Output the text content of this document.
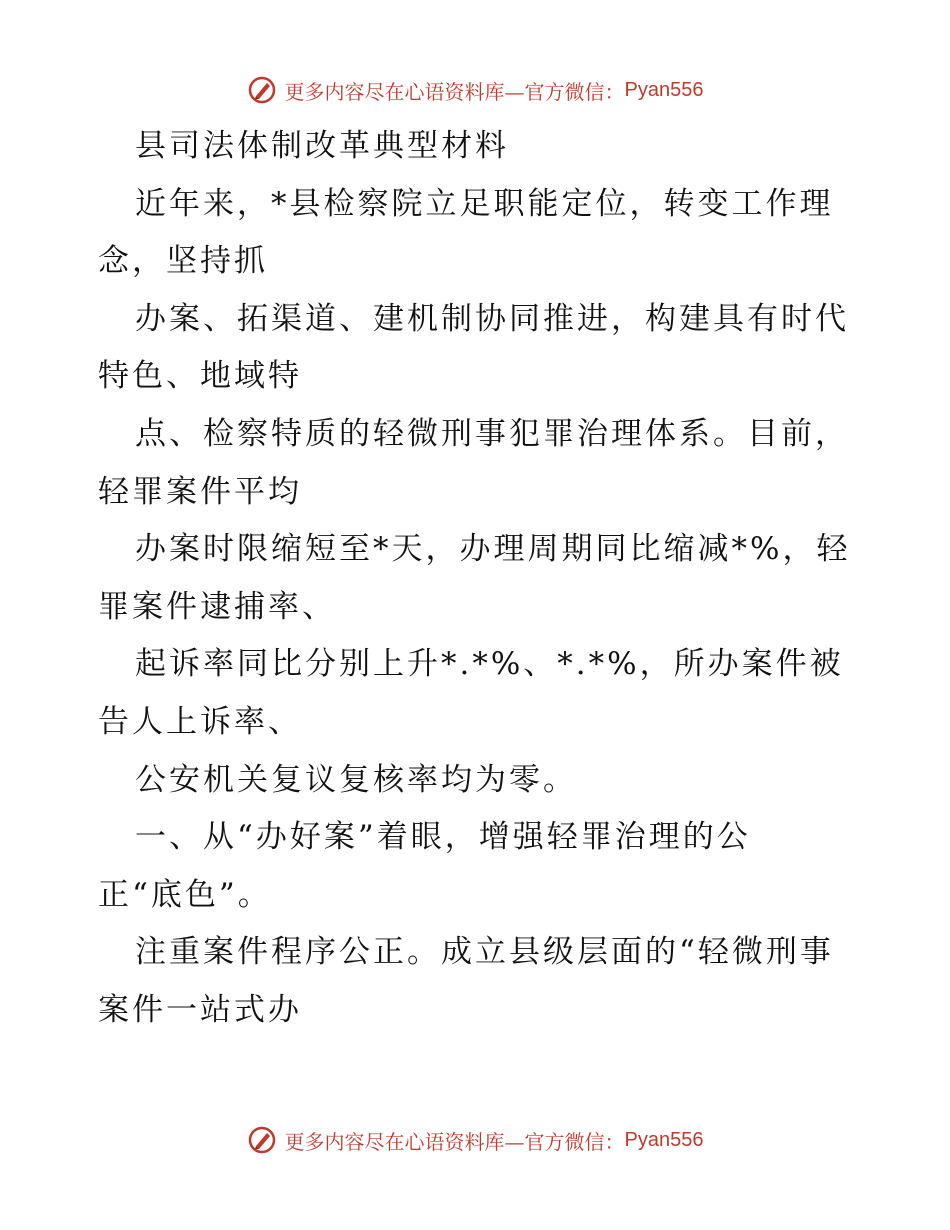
更多内容尽在心语资料库—官方微信： Pyan556
县司法体制改革典型材料
近年来，*县检察院立足职能定位，转变工作理
念，坚持抓
办案、拓渠道、建机制协同推进，构建具有时代
特色、地域特
点、检察特质的轻微刑事犯罪治理体系。目前，
轻罪案件平均
办案时限缩短至*天，办理周期同比缩减*%，轻
罪案件逮捕率、
起诉率同比分别上升*.*%、*.*%，所办案件被
告人上诉率、
公安机关复议复核率均为零。
一、从“办好案”着眼，增强轻罪治理的公
正“底色”。
注重案件程序公正。成立县级层面的“轻微刑事
案件一站式办
更多内容尽在心语资料库—官方微信： Pyan556
